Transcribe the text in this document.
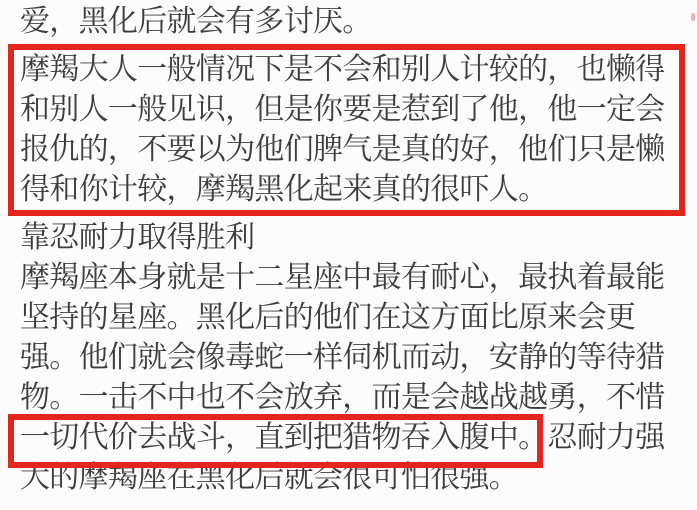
爱，黑化后就会有多讨厌。
摩羯大人一般情况下是不会和别人计较的，也懒得
和别人一般见识，但是你要是惹到了他，他一定会
报仇的，不要以为他们脾气是真的好，他们只是懒
得和你计较，摩羯黑化起来真的很吓人。
靠忍耐力取得胜利
摩羯座本身就是十二星座中最有耐心，最执着最能
坚持的星座。黑化后的他们在这方面比原来会更
强。他们就会像毒蛇一样伺机而动，安静的等待猎
物。一击不中也不会放弃，而是会越战越勇，不惜
一切代价去战斗，直到把猎物吞入腹中。忍耐力强
大的摩羯座在黑化后就会很可怕很强。
